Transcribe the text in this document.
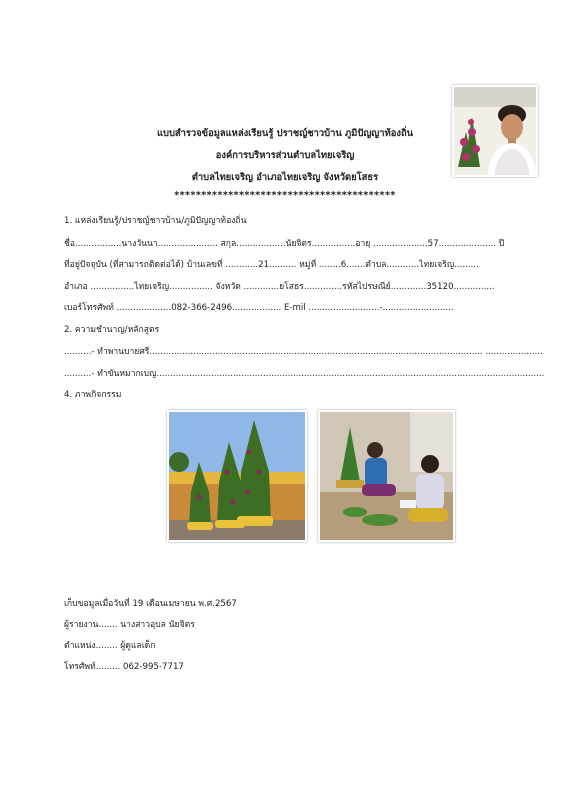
แบบสำรวจข้อมูลแหล่งเรียนรู้ ปราชญ์ชาวบ้าน ภูมิปัญญาท้องถิ่น
องค์การบริหารส่วนตำบลไทยเจริญ
ตำบลไทยเจริญ อำเภอไทยเจริญ จังหวัดยโสธร
*****************************************
1. แหล่งเรียนรู้/ปราชญ์ชาวบ้าน/ภูมิปัญญาท้องถิ่น
ชื่อ.................นางวันนา...................... สกุล..................นัยจิตร................อายุ ....................57..................... ปี
ที่อยู่ปัจจุบัน (ที่สามารถติดต่อได้) บ้านเลขที่ ............21.......... หมู่ที่ ........6.......ตำบล............ไทยเจริญ.........
อำเภอ ................ไทยเจริญ................ จังหวัด .............ยโสธร..............รหัสไปรษณีย์.............35120...............
เบอร์โทรศัพท์ ....................082-366-2496.................. E-mil ..........................-..........................
2. ความชำนาญ/หลักสูตร
..........- ทำพานบายศรี.......................................................................................................................... .....................
..........- ทำขันหมากเบญ..............................................................................................................................................
4. ภาพกิจกรรม
เก็บขอมูลเมื่อวันที่ 19 เดือนเมษายน พ.ศ.2567
ผู้รายงาน....... นางสาวอุบล นัยจิตร
ตำแหน่ง........ ผู้ดูแลเด็ก
โทรศัพท์......... 062-995-7717
